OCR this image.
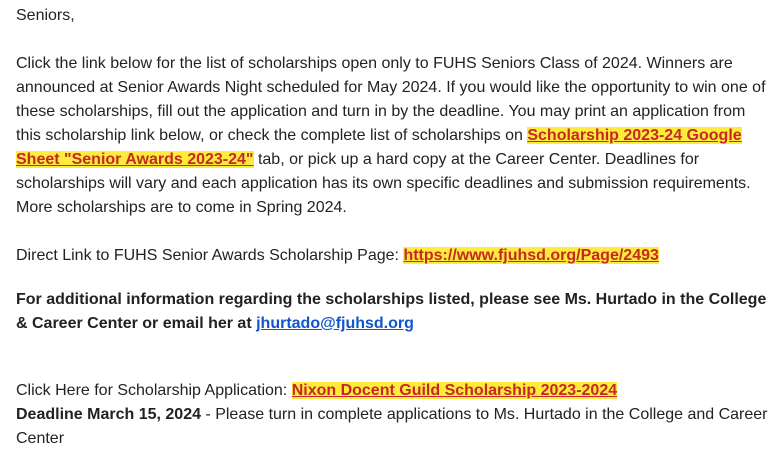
Seniors,

Click the link below for the list of scholarships open only to FUHS Seniors Class of 2024. Winners are announced at Senior Awards Night scheduled for May 2024. If you would like the opportunity to win one of these scholarships, fill out the application and turn in by the deadline. You may print an application from this scholarship link below, or check the complete list of scholarships on Scholarship 2023-24 Google Sheet "Senior Awards 2023-24" tab, or pick up a hard copy at the Career Center. Deadlines for scholarships will vary and each application has its own specific deadlines and submission requirements. More scholarships are to come in Spring 2024.

Direct Link to FUHS Senior Awards Scholarship Page: https://www.fjuhsd.org/Page/2493

For additional information regarding the scholarships listed, please see Ms. Hurtado in the College & Career Center or email her at jhurtado@fjuhsd.org

Click Here for Scholarship Application: Nixon Docent Guild Scholarship 2023-2024

Deadline March 15, 2024 - Please turn in complete applications to Ms. Hurtado in the College and Career Center
